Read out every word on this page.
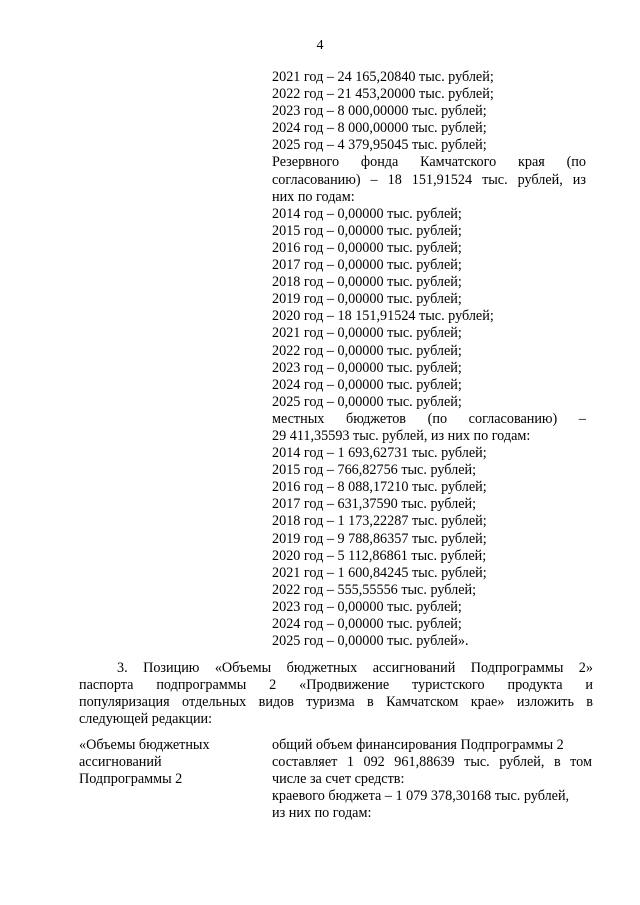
4
2021 год – 24 165,20840 тыс. рублей;
2022 год – 21 453,20000 тыс. рублей;
2023 год – 8 000,00000 тыс. рублей;
2024 год – 8 000,00000 тыс. рублей;
2025 год – 4 379,95045 тыс. рублей;
Резервного фонда Камчатского края (по
согласованию) – 18 151,91524 тыс. рублей, из
них по годам:
2014 год – 0,00000 тыс. рублей;
2015 год – 0,00000 тыс. рублей;
2016 год – 0,00000 тыс. рублей;
2017 год – 0,00000 тыс. рублей;
2018 год – 0,00000 тыс. рублей;
2019 год – 0,00000 тыс. рублей;
2020 год – 18 151,91524 тыс. рублей;
2021 год – 0,00000 тыс. рублей;
2022 год – 0,00000 тыс. рублей;
2023 год – 0,00000 тыс. рублей;
2024 год – 0,00000 тыс. рублей;
2025 год – 0,00000 тыс. рублей;
местных бюджетов (по согласованию) –
29 411,35593 тыс. рублей, из них по годам:
2014 год – 1 693,62731 тыс. рублей;
2015 год – 766,82756 тыс. рублей;
2016 год – 8 088,17210 тыс. рублей;
2017 год – 631,37590 тыс. рублей;
2018 год – 1 173,22287 тыс. рублей;
2019 год – 9 788,86357 тыс. рублей;
2020 год – 5 112,86861 тыс. рублей;
2021 год – 1 600,84245 тыс. рублей;
2022 год – 555,55556 тыс. рублей;
2023 год – 0,00000 тыс. рублей;
2024 год – 0,00000 тыс. рублей;
2025 год – 0,00000 тыс. рублей».
3. Позицию «Объемы бюджетных ассигнований Подпрограммы 2»
паспорта подпрограммы 2 «Продвижение туристского продукта и
популяризация отдельных видов туризма в Камчатском крае» изложить в
следующей редакции:
«Объемы бюджетных
ассигнований
Подпрограммы 2
общий объем финансирования Подпрограммы 2
составляет 1 092 961,88639 тыс. рублей, в том
числе за счет средств:
краевого бюджета – 1 079 378,30168 тыс. рублей,
из них по годам:
